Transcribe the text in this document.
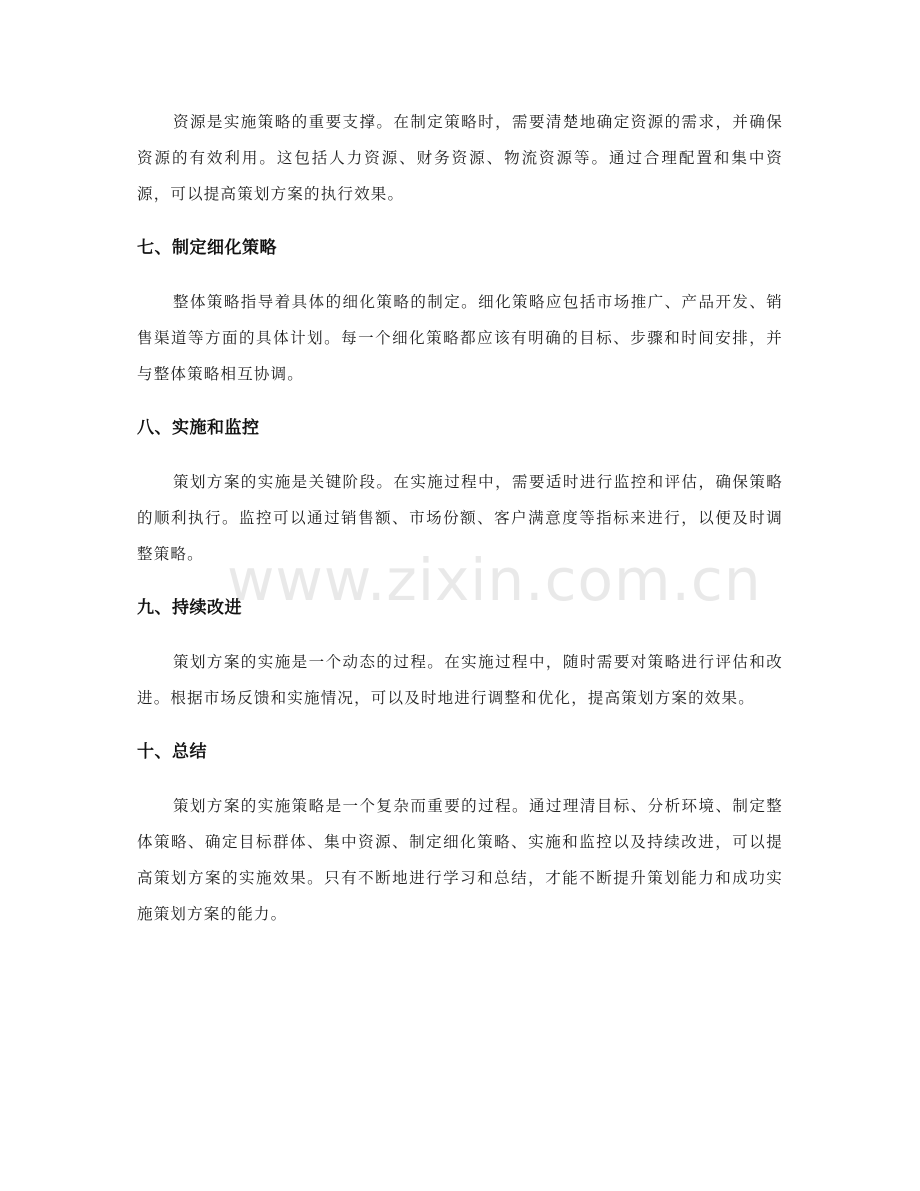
资源是实施策略的重要支撑。在制定策略时，需要清楚地确定资源的需求，并确保资源的有效利用。这包括人力资源、财务资源、物流资源等。通过合理配置和集中资源，可以提高策划方案的执行效果。

七、制定细化策略

整体策略指导着具体的细化策略的制定。细化策略应包括市场推广、产品开发、销售渠道等方面的具体计划。每一个细化策略都应该有明确的目标、步骤和时间安排，并与整体策略相互协调。

八、实施和监控

策划方案的实施是关键阶段。在实施过程中，需要适时进行监控和评估，确保策略的顺利执行。监控可以通过销售额、市场份额、客户满意度等指标来进行，以便及时调整策略。

九、持续改进

策划方案的实施是一个动态的过程。在实施过程中，随时需要对策略进行评估和改进。根据市场反馈和实施情况，可以及时地进行调整和优化，提高策划方案的效果。

十、总结

策划方案的实施策略是一个复杂而重要的过程。通过理清目标、分析环境、制定整体策略、确定目标群体、集中资源、制定细化策略、实施和监控以及持续改进，可以提高策划方案的实施效果。只有不断地进行学习和总结，才能不断提升策划能力和成功实施策划方案的能力。

www.zixin.com.cn
